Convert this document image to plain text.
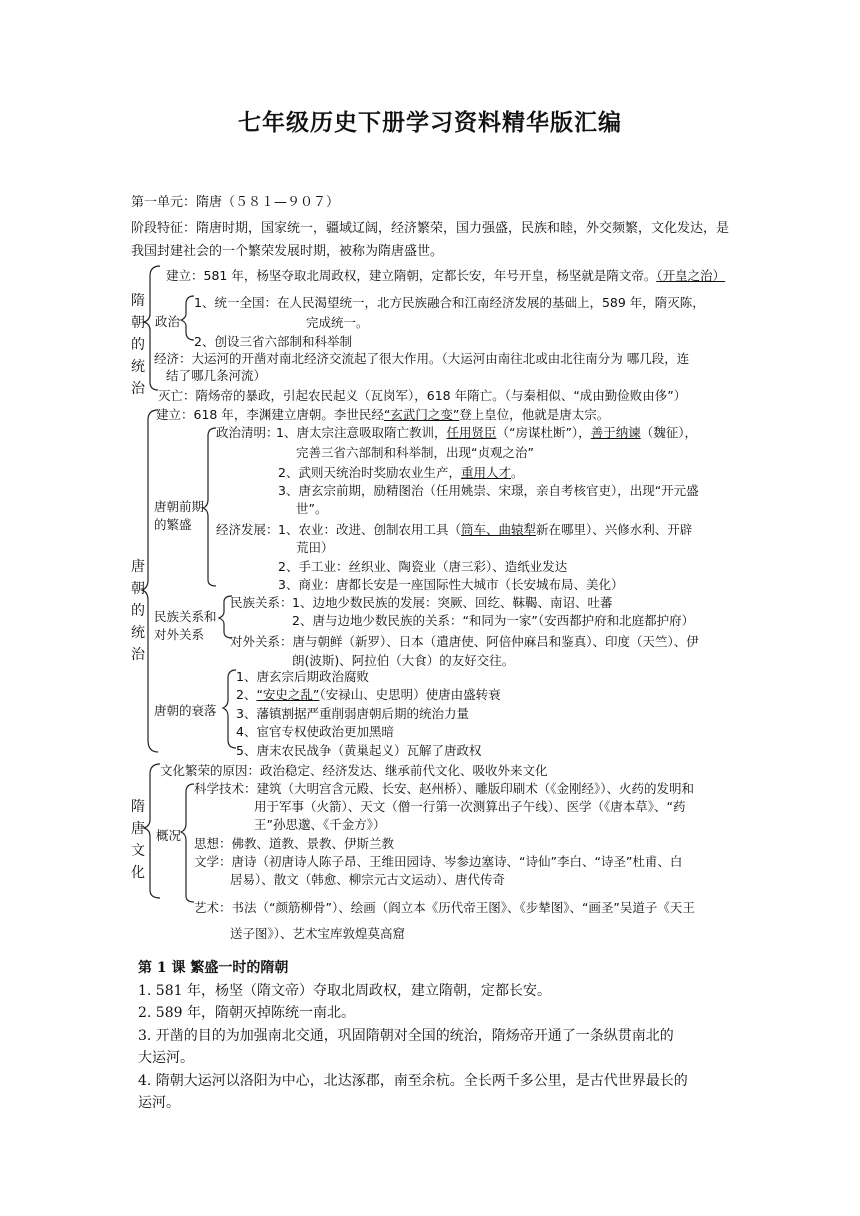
七年级历史下册学习资料精华版汇编
第一单元：隋唐（５８１—９０７）
阶段特征：隋唐时期，国家统一，疆域辽阔，经济繁荣，国力强盛，民族和睦，外交频繁，文化发达，是
我国封建社会的一个繁荣发展时期，被称为隋唐盛世。
隋朝的统治
建立：581 年，杨坚夺取北周政权，建立隋朝，定都长安，年号开皇，杨坚就是隋文帝。（开皇之治）
政治
1、统一全国：在人民渴望统一，北方民族融合和江南经济发展的基础上，589 年，隋灭陈，
完成统一。
2、创设三省六部制和科举制
经济：大运河的开凿对南北经济交流起了很大作用。（大运河由南往北或由北往南分为 哪几段，连
结了哪几条河流）
灭亡：隋炀帝的暴政，引起农民起义（瓦岗军），618 年隋亡。（与秦相似、“成由勤俭败由侈”）
唐朝的统治
建立：618 年，李渊建立唐朝。李世民经“玄武门之变”登上皇位，他就是唐太宗。
唐朝前期的繁盛
政治清明：
1、唐太宗注意吸取隋亡教训，任用贤臣（“房谋杜断”），善于纳谏（魏征），
完善三省六部制和科举制，出现“贞观之治”
2、武则天统治时奖励农业生产，重用人才。
3、唐玄宗前期，励精图治（任用姚崇、宋璟，亲自考核官吏），出现“开元盛
世”。
经济发展： 1、农业：改进、创制农用工具（筒车、曲辕犁新在哪里）、兴修水利、开辟
荒田）
2、手工业：丝织业、陶瓷业（唐三彩）、造纸业发达
3、商业：唐都长安是一座国际性大城市（长安城布局、美化）
民族关系和对外关系
民族关系： 1、边地少数民族的发展：突厥、回纥、靺鞨、南诏、吐蕃
2、唐与边地少数民族的关系：“和同为一家”（安西都护府和北庭都护府）
对外关系：唐与朝鲜（新罗）、日本（遣唐使、阿倍仲麻吕和鉴真）、印度（天竺）、伊
朗(波斯)、阿拉伯（大食）的友好交往。
唐朝的衰落
1、唐玄宗后期政治腐败
2、“安史之乱”（安禄山、史思明）使唐由盛转衰
3、藩镇割据严重削弱唐朝后期的统治力量
4、宦官专权使政治更加黑暗
5、唐末农民战争（黄巢起义）瓦解了唐政权
隋唐文化
文化繁荣的原因：政治稳定、经济发达、继承前代文化、吸收外来文化
概况
科学技术：建筑（大明宫含元殿、长安、赵州桥）、雕版印刷术（《金刚经》）、火药的发明和
用于军事（火箭）、天文（僧一行第一次测算出子午线）、医学（《唐本草》、“药
王”孙思邈、《千金方》）
思想：佛教、道教、景教、伊斯兰教
文学：唐诗（初唐诗人陈子昂、王维田园诗、岑参边塞诗、“诗仙”李白、“诗圣”杜甫、白
居易）、散文（韩愈、柳宗元古文运动）、唐代传奇
艺术：书法（“颜筋柳骨”）、绘画（阎立本《历代帝王图》、《步辇图》、“画圣”吴道子《天王
送子图》）、艺术宝库敦煌莫高窟
第 1 课 繁盛一时的隋朝
1. 581 年，杨坚（隋文帝）夺取北周政权，建立隋朝，定都长安。
2. 589 年，隋朝灭掉陈统一南北。
3. 开凿的目的为加强南北交通，巩固隋朝对全国的统治，隋炀帝开通了一条纵贯南北的
大运河。
4. 隋朝大运河以洛阳为中心，北达涿郡，南至余杭。全长两千多公里，是古代世界最长的
运河。
